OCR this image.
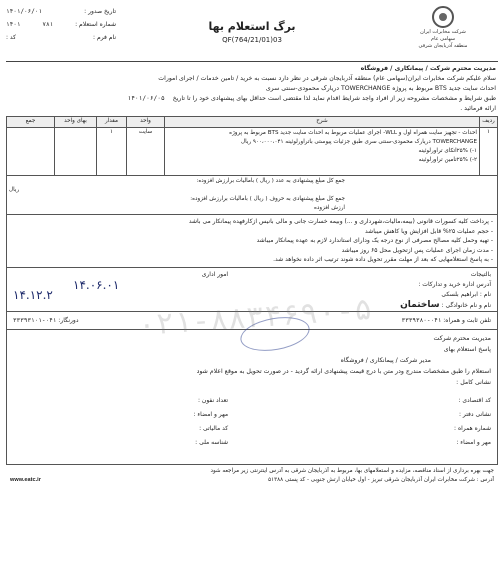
شرکت مخابرات ایران
سهامی عام
منطقه آذربایجان شرقی
برگ استعلام بها
QF(764/21/01)03
تاریخ صدور :
۱۴۰۱/۰۶/۰۱
شماره استعلام :
۷۸۱
۱۴۰۱
نام فرم :
کد :
مدیریت محترم شرکت / پیمانکاری / فروشگاه
سلام علیکم شرکت مخابرات ایران(سهامی عام) منطقه آذربایجان شرقی در نظر دارد نسبت به خرید / تامین خدمات / اجرای امورات
احداث سایت جدید BTS مربوط به پروژه TOWERCHANGE دریارک محمودی-سنتی سری
طبق شرایط و مشخصات مشروحه زیر از افراد واجد شرایط اقدام نماید لذا مقتضی است حداقل بهای پیشنهادی خود را تا تاریخ ۱۴۰۱/۰۶/۰۵
ارائه فرمائید .
ردیف	شرح	واحد	مقدار	بهای واحد	جمع
۱	احداث - تجهیز سایت همراه اول و WLL- اجرای عملیات مربوط به احداث سایت جدید BTS مربوط به پروژه
TOWERCHANGE دریارک محمودی-سنتی سری طبق جزئیات پیوستی باتراورلوئینه ۹۰۰،۰۰۰،۰۴۱ ریال
۱-) ۲۵%اتکای تراورلوئینه
۲-) ۲۵%تامین تراورلوئینه	سایت	۱		

جمع کل مبلغ پیشنهادی به عدد ( ریال ) بامالیات برارزش افزوده:
ریال
جمع کل مبلغ پیشنهادی به حروف ( ریال ) بامالیات برارزش افزوده:
ارزش افزوده					
- پرداخت کلیه کسورات قانونی (بیمه،مالیات،شهرداری و ...) وبیمه خسارت جانی و مالی بانیس ازکارفهده پیمانکار می باشد
- حجم عملیات ۲۵% قابل افزایش ویا کاهش میباشد
- تهیه وحمل کلیه مصالح مصرفی از نوع درجه یک ودارای استاندارد لازم به عهده پیمانکار میباشد
- مدت زمان اجرای عملیات پس ازتحویل محل ۶۵ روز میباشد
- به پاسخ استعلامهایی که بعد از مهلت مقرر تحویل داده شوند ترتیب اثر داده نخواهد شد.
بالتیجات
آدرس اداره خرید و تدارکات :
نام : ابراهیم بلسکی
نام و نام خانوادگی : ساختمان
امور اداری
۱۴.۰۶.۰۱
۱۴.۱۲.۲
تلفن ثابت و همراه: ۰۴۱-۳۳۳۹۳۸۰
دورنگار: ۰۴۱-۳۳۳۹۳۱۰۱
مدیریت محترم شرکت
پاسخ استعلام بهای
مدیر شرکت / پیمانکاری / فروشگاه
استعلام را طبق مشخصات مندرج ودر متن با درج قیمت پیشنهادی ارائه گردید - در صورت تحویل به موقع اعلام شود
نشانی کامل :
کد اقتصادی :
نشانی دفتر :
شماره همراه :
مهر و امضاء :
تعداد نفون :
مهر و امضاء :
کد مالیاتی :
شناسه ملی :
جهت بهره برداری از اسناد مناقصه، مزایده و استعلامهای بها، مربوط به آذربایجان شرقی به آدرس اینترنتی زیر مراجعه شود
آدرس : شرکت مخابرات ایران آذربایجان شرقی تبریز - اول خیابان ارتش جنوبی - کد پستی ۵۱۳۸۸
www.eatc.ir
۰۲۱-۸۸۳۴۶۹۰-۵
